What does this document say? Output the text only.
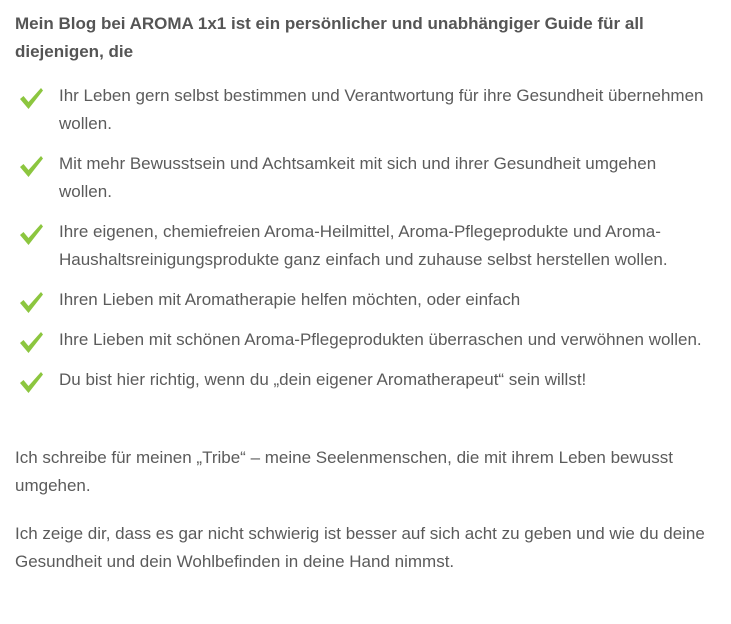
Mein Blog bei AROMA 1x1 ist ein persönlicher und unabhängiger Guide für all diejenigen, die

Ihr Leben gern selbst bestimmen und Verantwortung für ihre Gesundheit übernehmen wollen.
Mit mehr Bewusstsein und Achtsamkeit mit sich und ihrer Gesundheit umgehen wollen.
Ihre eigenen, chemiefreien Aroma-Heilmittel, Aroma-Pflegeprodukte und Aroma-Haushaltsreinigungsprodukte ganz einfach und zuhause selbst herstellen wollen.
Ihren Lieben mit Aromatherapie helfen möchten, oder einfach
Ihre Lieben mit schönen Aroma-Pflegeprodukten überraschen und verwöhnen wollen.
Du bist hier richtig, wenn du „dein eigener Aromatherapeut“ sein willst!

Ich schreibe für meinen „Tribe“ – meine Seelenmenschen, die mit ihrem Leben bewusst umgehen.

Ich zeige dir, dass es gar nicht schwierig ist besser auf sich acht zu geben und wie du deine Gesundheit und dein Wohlbefinden in deine Hand nimmst.
